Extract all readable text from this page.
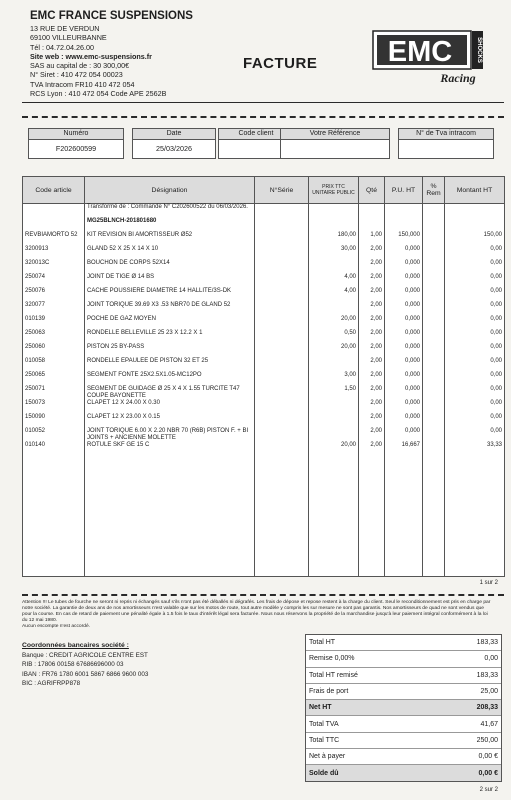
EMC FRANCE SUSPENSIONS
13 RUE DE VERDUN
69100 VILLEURBANNE
Tél : 04.72.04.26.00
Site web : www.emc-suspensions.fr
SAS au capital de : 30 300,00€
N° Siret : 410 472 054 00023
TVA Intracom FR10 410 472 054
RCS Lyon : 410 472 054 Code APE 2562B
FACTURE EMC	SHOCKS
Racing
Numéro
F202600599
Date
25/03/2026
Code client	Votre Référence	N° de Tva intracom
Code article	Désignation	N°Série	PRIX TTC UNITAIRE PUBLIC	Qté	P.U. HT	% Rem	Montant HT
	Transformé de : Commande N° C202600522 du 06/03/2026.						
	MG25BLNCH-201801680						
REVBIAMORTO 52	KIT REVISION BI AMORTISSEUR Ø52		180,00	1,00	150,000		150,00
3200913	GLAND 52 X 25 X 14 X 10		30,00	2,00	0,000		0,00
320013C	BOUCHON DE CORPS 52X14			2,00	0,000		0,00
250074	JOINT DE TIGE Ø 14 BS		4,00	2,00	0,000		0,00
250076	CACHE POUSSIERE DIAMETRE 14 HALLITE/3S-DK		4,00	2,00	0,000		0,00
320077	JOINT TORIQUE 39.69 X3 .53 NBR70 DE GLAND 52			2,00	0,000		0,00
010139	POCHE DE GAZ MOYEN		20,00	2,00	0,000		0,00
250063	RONDELLE BELLEVILLE 25 23 X 12.2 X 1		0,50	2,00	0,000		0,00
250060	PISTON 25 BY-PASS		20,00	2,00	0,000		0,00
010058	RONDELLE EPAULEE DE PISTON 32 ET 25			2,00	0,000		0,00
250065	SEGMENT FONTE 25X2.5X1.05-MC12PO		3,00	2,00	0,000		0,00
250071	SEGMENT DE GUIDAGE Ø 25 X 4 X 1.55 TURCITE T47 COUPE BAYONETTE		1,50	2,00	0,000		0,00
150073	CLAPET 12 X 24.00 X 0.30			2,00	0,000		0,00
150090	CLAPET 12 X 23.00 X 0.15			2,00	0,000		0,00
010052	JOINT TORIQUE 6.00 X 2.20 NBR 70 (R6B) PISTON F. + BI JOINTS + ANCIENNE MOLETTE			2,00	0,000		0,00
010140	ROTULE SKF GE 15 C		20,00	2,00	16,667		33,33

1 sur 2
Attention !!! Le tubes de fourche ne seront ni repris ni échangés sauf s'ils n'ont pas été déballés ni dégrafés. Les frais de dépose et repose restent à la charge du client. Seul le reconditionnement est pris en charge par notre société. La garantie de deux ans de nos amortisseurs n'est valable que sur les motos de route, tout autre modèle y compris les sur mesure ne sont pas garantis. Nos amortisseurs de quad ne sont vendus que pour la course. En cas de retard de paiement une pénalité égale à 1.5 fois le taux d'intérêt légal sera facturée. Nous nous réservons la propriété de la marchandise jusqu'à leur paiement intégral conformément à la loi du 12 mai 1980.
Aucun escompte n'est accordé.
Coordonnées bancaires société :
Banque : CREDIT AGRICOLE CENTRE EST
RIB : 17806 00158 67686696000 03
IBAN : FR76 1780 6001 5867 6866 9600 003
BIC : AGRIFRPP878
Total HT	183,33
Remise 0,00%	0,00
Total HT remisé	183,33
Frais de port	25,00
Net HT	208,33
Total TVA	41,67
Total TTC	250,00
Net à payer	0,00 €
Solde dû	0,00 €
2 sur 2
